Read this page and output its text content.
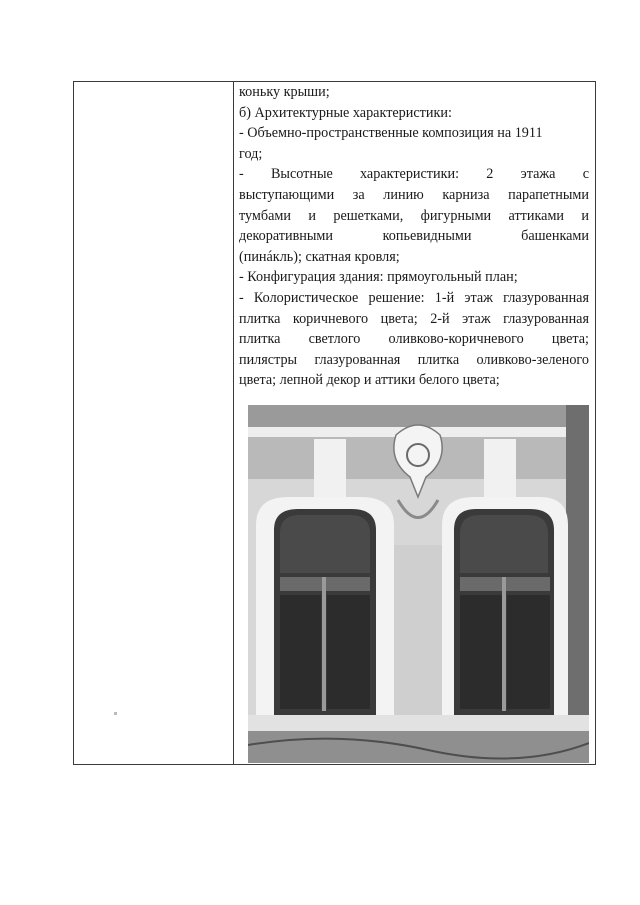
коньку крыши;
б) Архитектурные характеристики:
- Объемно-пространственные композиция на 1911
год;
- Высотные характеристики: 2 этажа с
выступающими за линию карниза парапетными
тумбами и решетками, фигурными аттиками и
декоративными копьевидными башенками
(пинáкль); скатная кровля;
- Конфигурация здания: прямоугольный план;
- Колористическое решение: 1-й этаж глазурованная
плитка коричневого цвета; 2-й этаж глазурованная
плитка светлого оливково-коричневого цвета;
пилястры глазурованная плитка оливково-зеленого
цвета; лепной декор и аттики белого цвета;
